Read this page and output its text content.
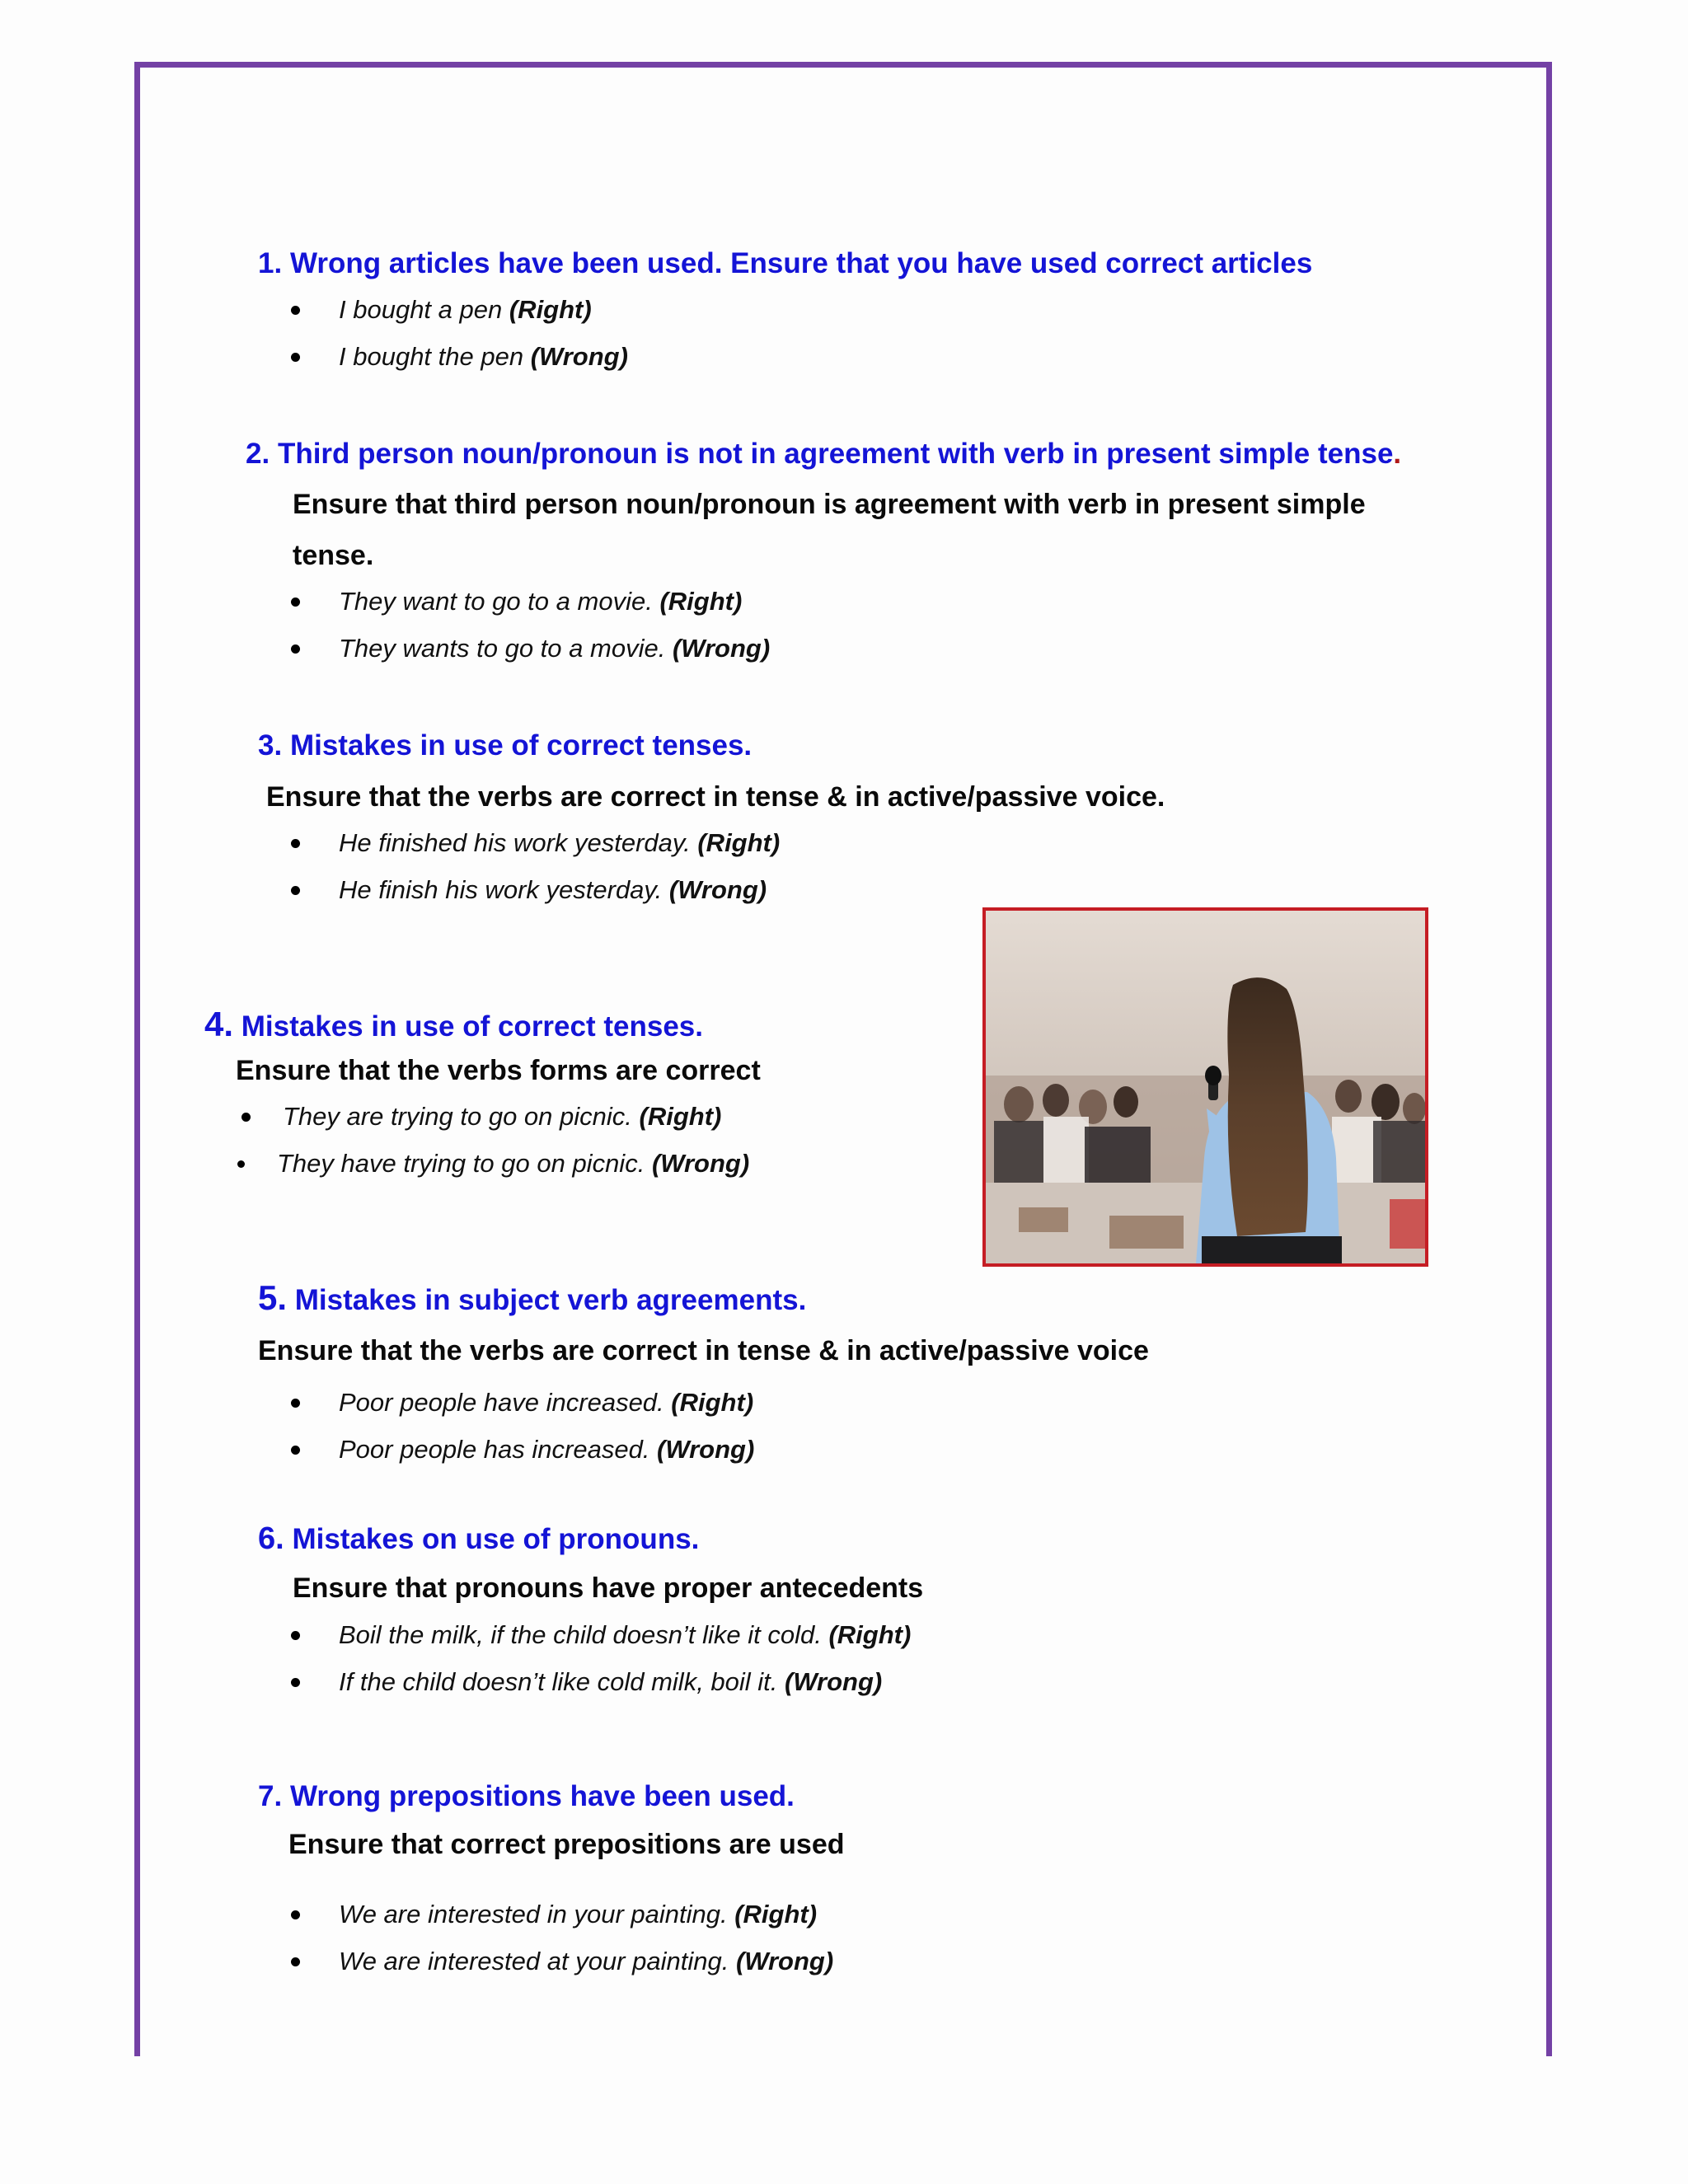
1. Wrong articles have been used. Ensure that you have used correct articles
I bought a pen
(Right)
I bought the pen
(Wrong)
2. Third person noun/pronoun is not in agreement with verb in present simple tense.
Ensure that third person noun/pronoun is agreement with verb in present simple
tense.
They want to go to a movie.
(Right)
They wants to go to a movie.
(Wrong)
3. Mistakes in use of correct tenses.
Ensure that the verbs are correct in tense & in active/passive voice.
He finished his work yesterday.
(Right)
He finish his work yesterday.
(Wrong)
4. Mistakes in use of correct tenses.
Ensure that the verbs forms are correct
They are trying to go on picnic.
(Right)
They have trying to go on picnic.
(Wrong)
5. Mistakes in subject verb agreements.
Ensure that the verbs are correct in tense & in active/passive voice
Poor people have increased.
(Right)
Poor people has increased.
(Wrong)
6. Mistakes on use of pronouns.
Ensure that pronouns have proper antecedents
Boil the milk, if the child doesn’t like it cold.
(Right)
If the child doesn’t like cold milk, boil it.
(Wrong)
7. Wrong prepositions have been used.
Ensure that correct prepositions are used
We are interested in your painting.
(Right)
We are interested at your painting.
(Wrong)
